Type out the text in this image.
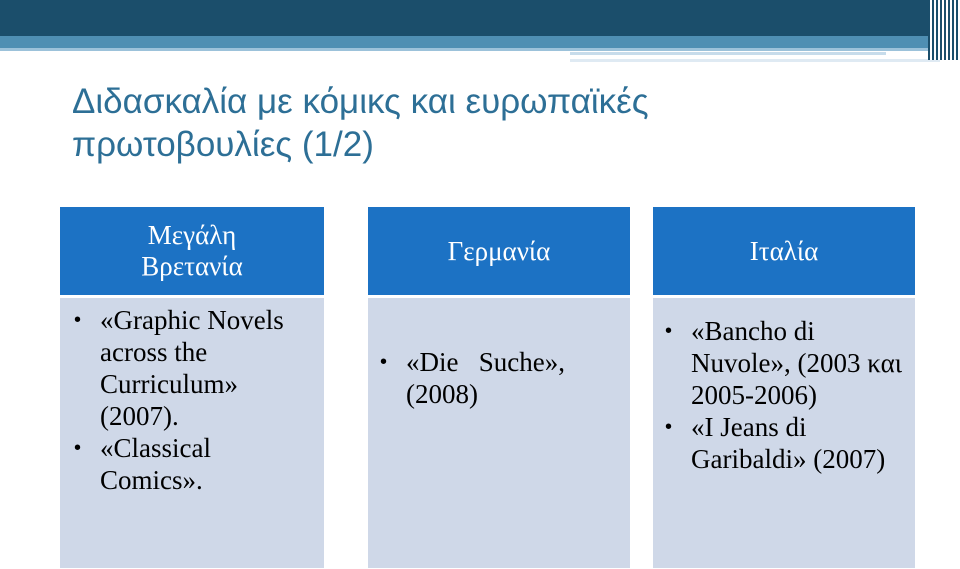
Διδασκαλία με κόμικς και ευρωπαϊκές
πρωτοβουλίες (1/2)
Μεγάλη
Βρετανία
• «Graphic Novels across the Curriculum» (2007).
• «Classical Comics».
Γερμανία
• «Die   Suche», (2008)
Ιταλία
• «Bancho di Nuvole», (2003 και 2005-2006)
• «I Jeans di Garibaldi» (2007)
